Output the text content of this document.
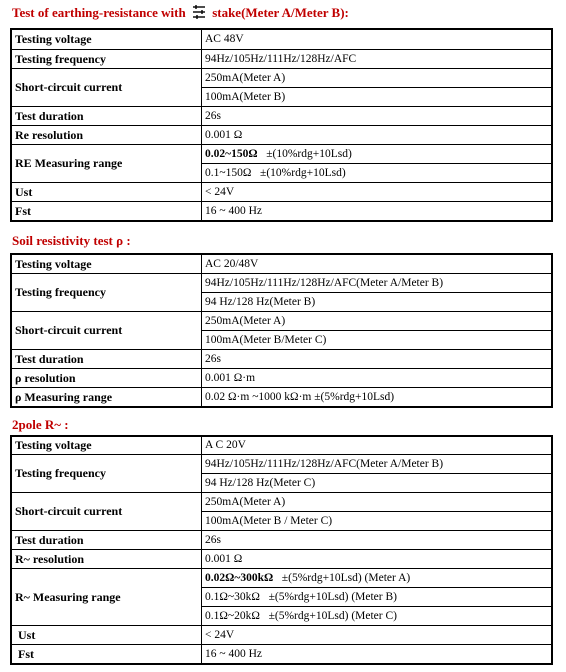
Test of earthing-resistance with stake(Meter A/Meter B):
Testing voltage	AC 48V
Testing frequency	94Hz/105Hz/111Hz/128Hz/AFC
Short-circuit current	250mA(Meter A)
	100mA(Meter B)
Test duration	26s
Re resolution	0.001 Ω
RE Measuring range	0.02~150Ω ±(10%rdg+10Lsd)
	0.1~150Ω ±(10%rdg+10Lsd)
Ust	< 24V
Fst	16 ~ 400 Hz
Soil resistivity test ρ :
Testing voltage	AC 20/48V
Testing frequency	94Hz/105Hz/111Hz/128Hz/AFC(Meter A/Meter B)
	94 Hz/128 Hz(Meter B)
Short-circuit current	250mA(Meter A)
	100mA(Meter B/Meter C)
Test duration	26s
ρ resolution	0.001 Ω·m
ρ Measuring range	0.02 Ω·m ~1000 kΩ·m ±(5%rdg+10Lsd)
2pole R~ :
Testing voltage	A C 20V
Testing frequency	94Hz/105Hz/111Hz/128Hz/AFC(Meter A/Meter B)
	94 Hz/128 Hz(Meter C)
Short-circuit current	250mA(Meter A)
	100mA(Meter B / Meter C)
Test duration	26s
R~ resolution	0.001 Ω
R~ Measuring range	0.02Ω~300kΩ ±(5%rdg+10Lsd) (Meter A)
	0.1Ω~30kΩ ±(5%rdg+10Lsd) (Meter B)
	0.1Ω~20kΩ ±(5%rdg+10Lsd) (Meter C)
Ust	< 24V
Fst	16 ~ 400 Hz
